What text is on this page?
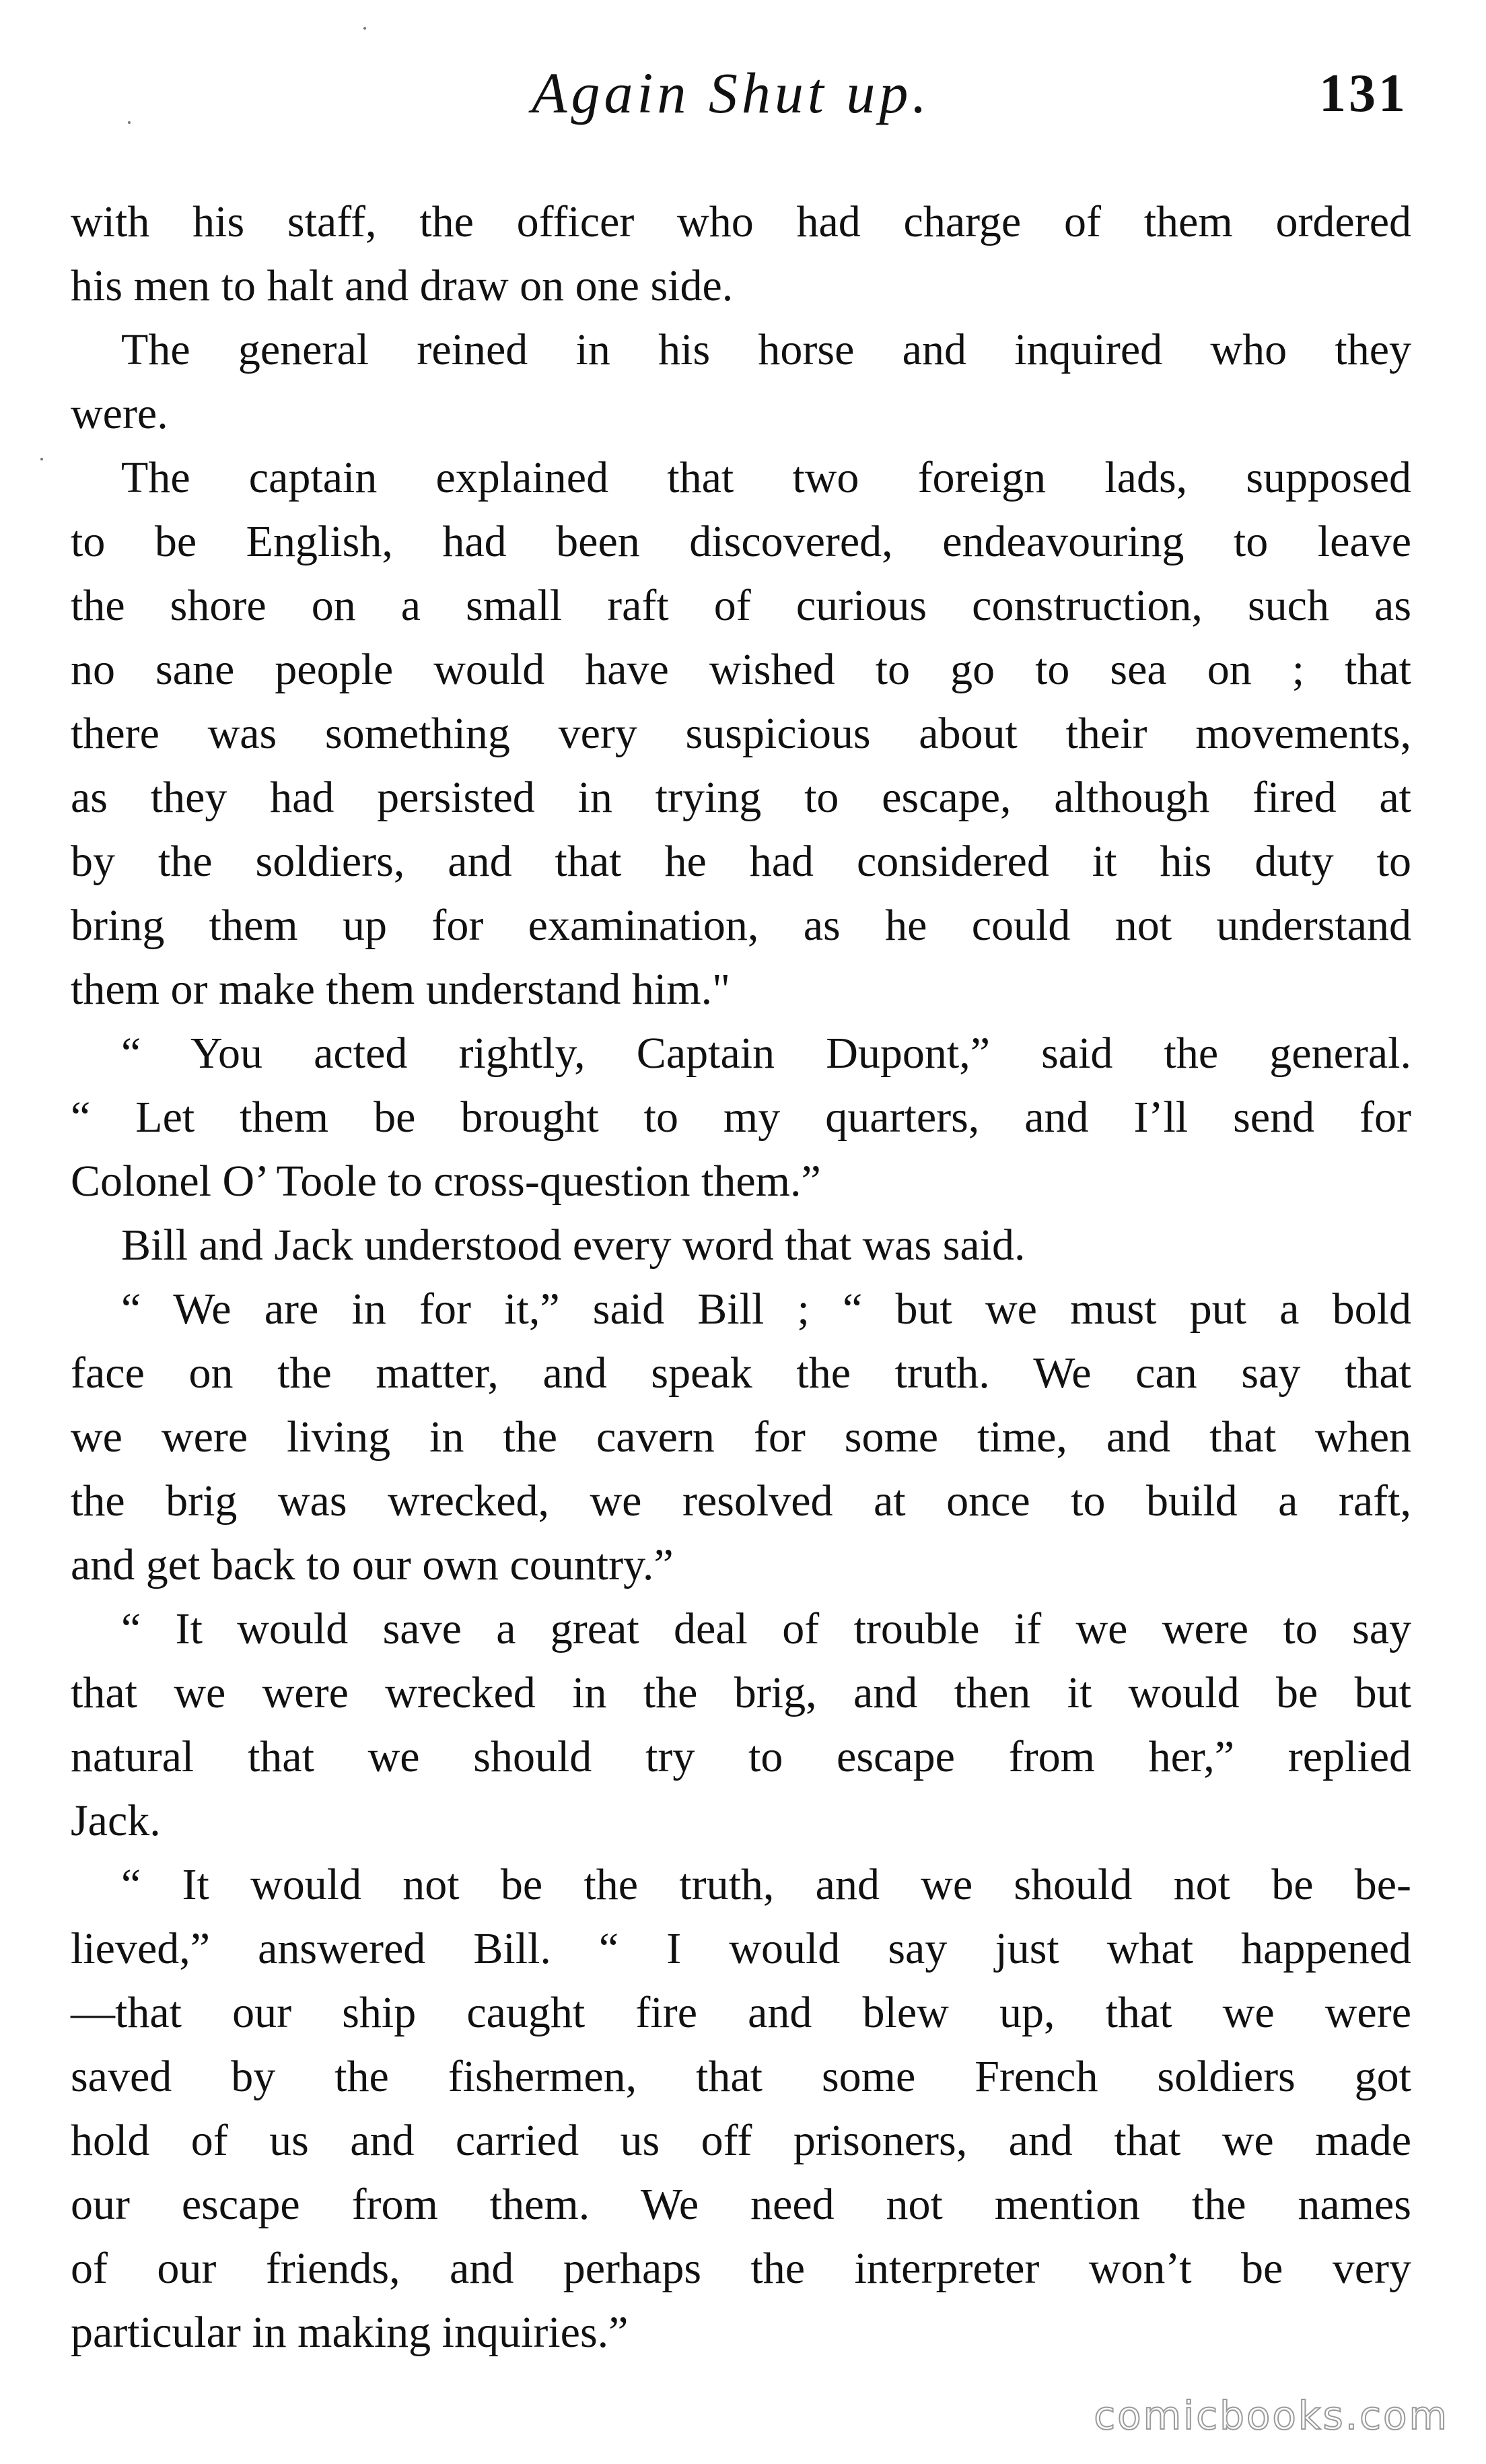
Again Shut up.	131
with his staff, the officer who had charge of them ordered
his men to halt and draw on one side.
The general reined in his horse and inquired who they
were.
The captain explained that two foreign lads, supposed
to be English, had been discovered, endeavouring to leave
the shore on a small raft of curious construction, such as
no sane people would have wished to go to sea on ; that
there was something very suspicious about their movements,
as they had persisted in trying to escape, although fired at
by the soldiers, and that he had considered it his duty to
bring them up for examination, as he could not understand
them or make them understand him."
“ You acted rightly, Captain Dupont,” said the general.
“ Let them be brought to my quarters, and I’ll send for
Colonel O’ Toole to cross-question them.”
Bill and Jack understood every word that was said.
“ We are in for it,” said Bill ; “ but we must put a bold
face on the matter, and speak the truth. We can say that
we were living in the cavern for some time, and that when
the brig was wrecked, we resolved at once to build a raft,
and get back to our own country.”
“ It would save a great deal of trouble if we were to say
that we were wrecked in the brig, and then it would be but
natural that we should try to escape from her,” replied
Jack.
“ It would not be the truth, and we should not be be-
lieved,” answered Bill. “ I would say just what happened
—that our ship caught fire and blew up, that we were
saved by the fishermen, that some French soldiers got
hold of us and carried us off prisoners, and that we made
our escape from them. We need not mention the names
of our friends, and perhaps the interpreter won’t be very
particular in making inquiries.”
comicbooks.com
